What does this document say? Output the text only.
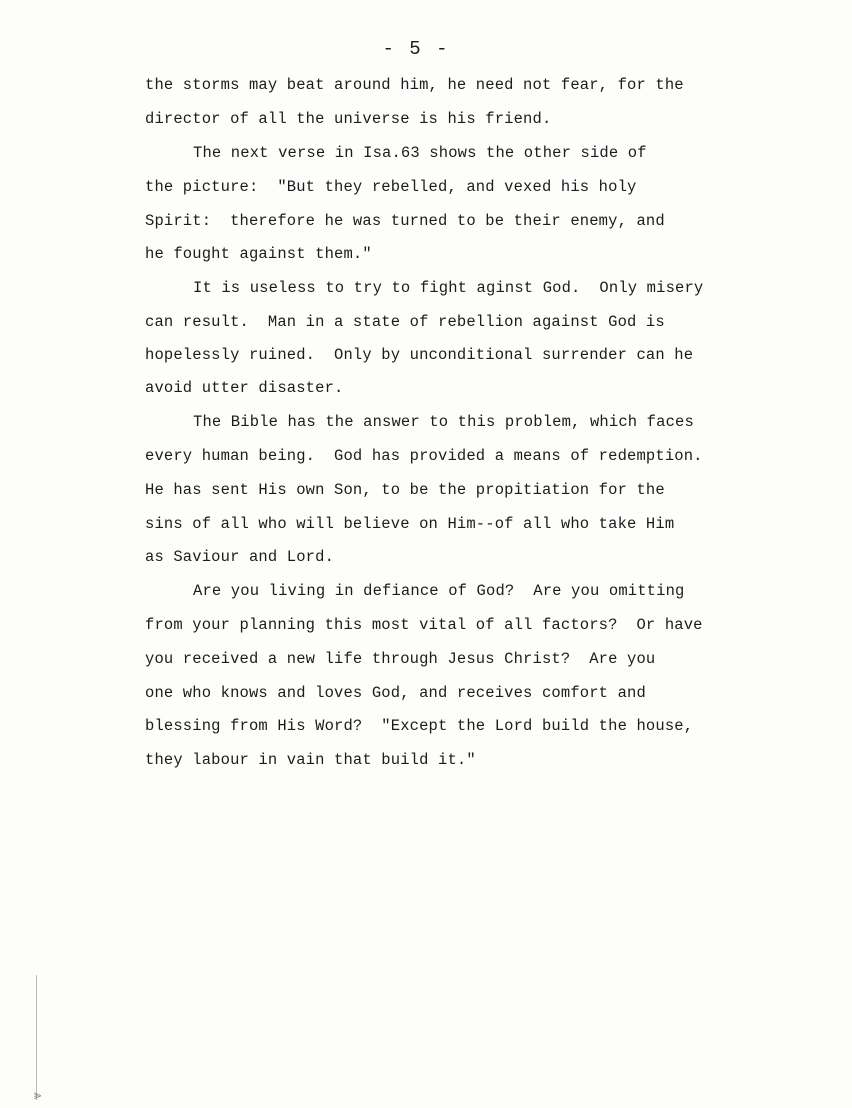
- 5 -
the storms may beat around him, he need not fear, for the
director of all the universe is his friend.
The next verse in Isa.63 shows the other side of
the picture:  "But they rebelled, and vexed his holy
Spirit:  therefore he was turned to be their enemy, and
he fought against them."
It is useless to try to fight aginst God.  Only misery
can result.  Man in a state of rebellion against God is
hopelessly ruined.  Only by unconditional surrender can he
avoid utter disaster.
The Bible has the answer to this problem, which faces
every human being.  God has provided a means of redemption.
He has sent His own Son, to be the propitiation for the
sins of all who will believe on Him--of all who take Him
as Saviour and Lord.
Are you living in defiance of God?  Are you omitting
from your planning this most vital of all factors?  Or have
you received a new life through Jesus Christ?  Are you
one who knows and loves God, and receives comfort and
blessing from His Word?  "Except the Lord build the house,
they labour in vain that build it."
⪢
